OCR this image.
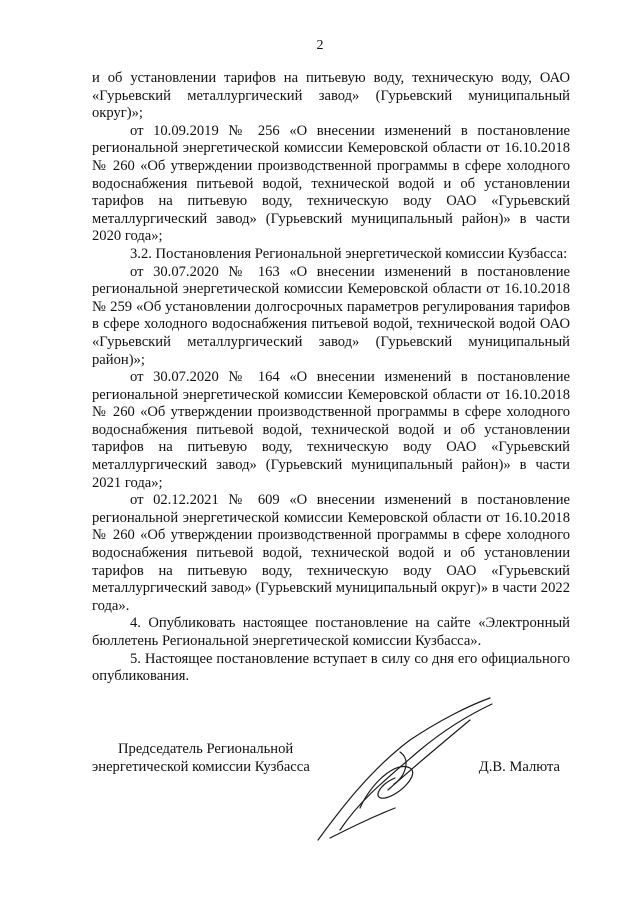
2

и об установлении тарифов на питьевую воду, техническую воду, ОАО «Гурьевский металлургический завод» (Гурьевский муниципальный округ)»;

от 10.09.2019 № 256 «О внесении изменений в постановление региональной энергетической комиссии Кемеровской области от 16.10.2018 № 260 «Об утверждении производственной программы в сфере холодного водоснабжения питьевой водой, технической водой и об установлении тарифов на питьевую воду, техническую воду ОАО «Гурьевский металлургический завод» (Гурьевский муниципальный район)» в части 2020 года»;

3.2. Постановления Региональной энергетической комиссии Кузбасса:

от 30.07.2020 № 163 «О внесении изменений в постановление региональной энергетической комиссии Кемеровской области от 16.10.2018 № 259 «Об установлении долгосрочных параметров регулирования тарифов в сфере холодного водоснабжения питьевой водой, технической водой ОАО «Гурьевский металлургический завод» (Гурьевский муниципальный район)»;

от 30.07.2020 № 164 «О внесении изменений в постановление региональной энергетической комиссии Кемеровской области от 16.10.2018 № 260 «Об утверждении производственной программы в сфере холодного водоснабжения питьевой водой, технической водой и об установлении тарифов на питьевую воду, техническую воду ОАО «Гурьевский металлургический завод» (Гурьевский муниципальный район)» в части 2021 года»;

от 02.12.2021 № 609 «О внесении изменений в постановление региональной энергетической комиссии Кемеровской области от 16.10.2018 № 260 «Об утверждении производственной программы в сфере холодного водоснабжения питьевой водой, технической водой и об установлении тарифов на питьевую воду, техническую воду ОАО «Гурьевский металлургический завод» (Гурьевский муниципальный округ)» в части 2022 года».

4. Опубликовать настоящее постановление на сайте «Электронный бюллетень Региональной энергетической комиссии Кузбасса».

5. Настоящее постановление вступает в силу со дня его официального опубликования.

Председатель Региональной
энергетической комиссии Кузбасса	Д.В. Малюта
